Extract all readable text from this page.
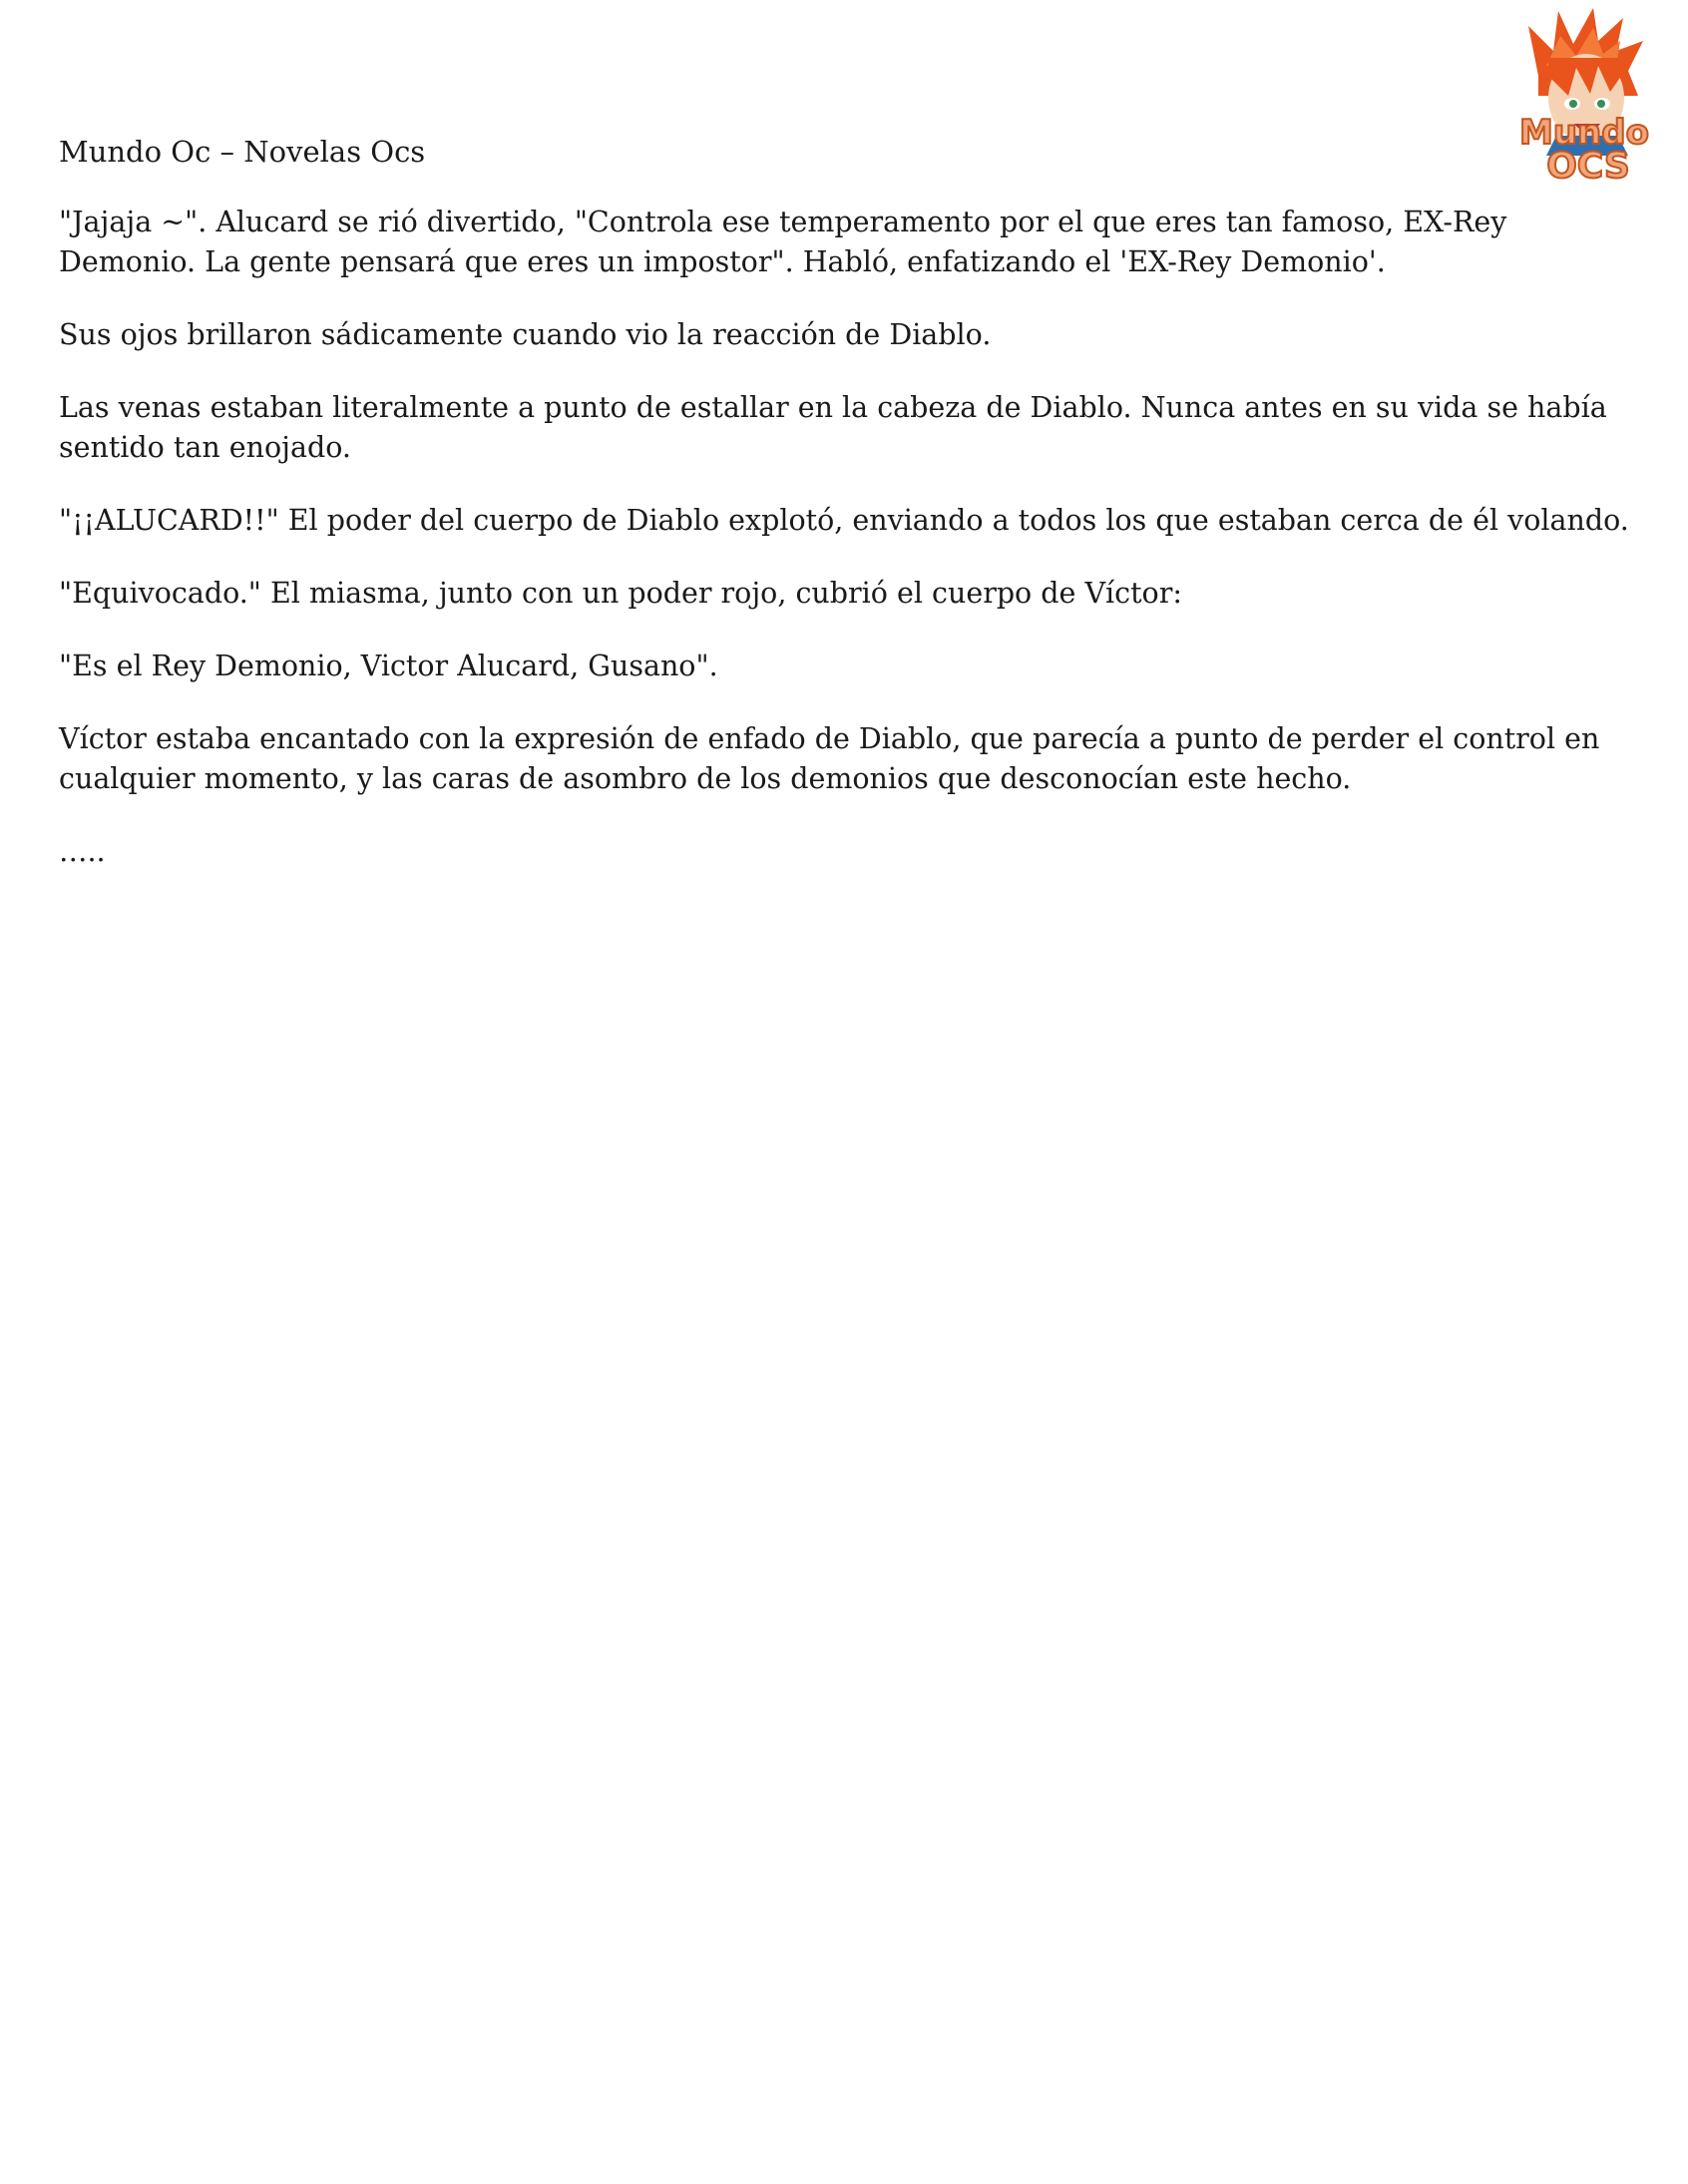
Mundo Oc – Novelas Ocs	Mundo
OCS

"Jajaja ~". Alucard se rió divertido, "Controla ese temperamento por el que eres tan famoso, EX-Rey Demonio. La gente pensará que eres un impostor". Habló, enfatizando el 'EX-Rey Demonio'.

Sus ojos brillaron sádicamente cuando vio la reacción de Diablo.

Las venas estaban literalmente a punto de estallar en la cabeza de Diablo. Nunca antes en su vida se había sentido tan enojado.

"¡¡ALUCARD!!" El poder del cuerpo de Diablo explotó, enviando a todos los que estaban cerca de él volando.

"Equivocado." El miasma, junto con un poder rojo, cubrió el cuerpo de Víctor:

"Es el Rey Demonio, Victor Alucard, Gusano".

Víctor estaba encantado con la expresión de enfado de Diablo, que parecía a punto de perder el control en cualquier momento, y las caras de asombro de los demonios que desconocían este hecho.

…..
